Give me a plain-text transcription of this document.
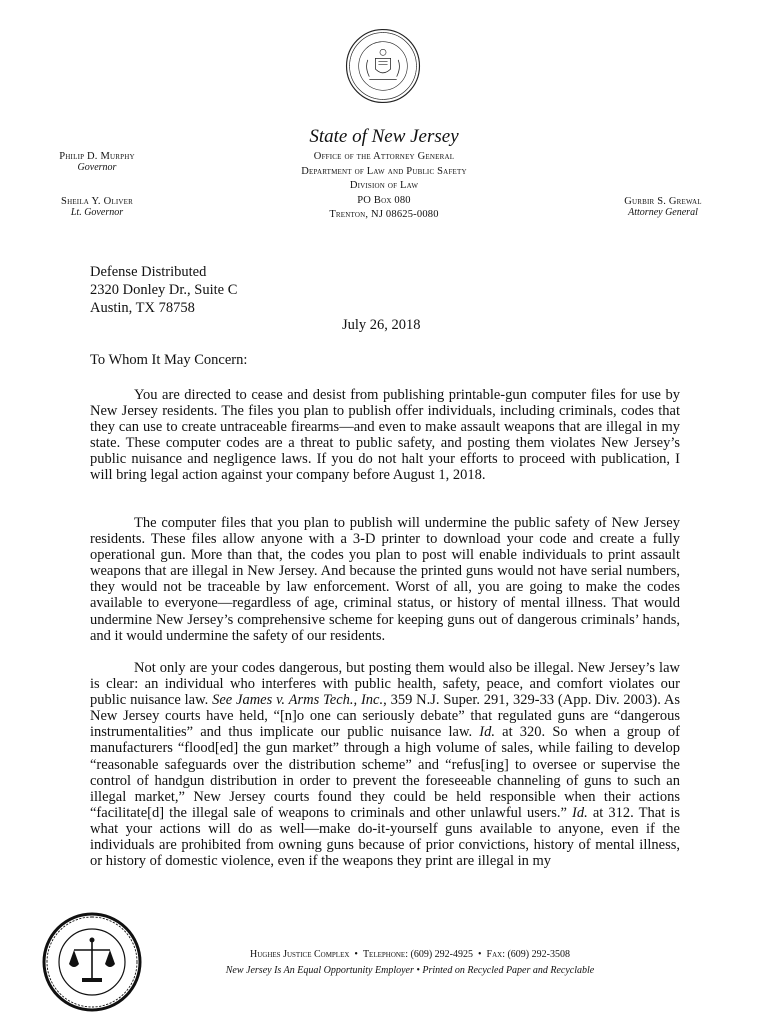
State of New Jersey
Office of the Attorney General
Department of Law and Public Safety
Division of Law
PO Box 080
Trenton, NJ 08625-0080
Philip D. Murphy
Governor
Sheila Y. Oliver
Lt. Governor
Gurbir S. Grewal
Attorney General
Defense Distributed
2320 Donley Dr., Suite C
Austin, TX 78758
July 26, 2018
To Whom It May Concern:

You are directed to cease and desist from publishing printable-gun computer files for use by New Jersey residents. The files you plan to publish offer individuals, including criminals, codes that they can use to create untraceable firearms—and even to make assault weapons that are illegal in my state. These computer codes are a threat to public safety, and posting them violates New Jersey’s public nuisance and negligence laws. If you do not halt your efforts to proceed with publication, I will bring legal action against your company before August 1, 2018.

The computer files that you plan to publish will undermine the public safety of New Jersey residents. These files allow anyone with a 3-D printer to download your code and create a fully operational gun. More than that, the codes you plan to post will enable individuals to print assault weapons that are illegal in New Jersey. And because the printed guns would not have serial numbers, they would not be traceable by law enforcement. Worst of all, you are going to make the codes available to everyone—regardless of age, criminal status, or history of mental illness. That would undermine New Jersey’s comprehensive scheme for keeping guns out of dangerous criminals’ hands, and it would undermine the safety of our residents.

Not only are your codes dangerous, but posting them would also be illegal. New Jersey’s law is clear: an individual who interferes with public health, safety, peace, and comfort violates our public nuisance law. See James v. Arms Tech., Inc., 359 N.J. Super. 291, 329-33 (App. Div. 2003). As New Jersey courts have held, “[n]o one can seriously debate” that regulated guns are “dangerous instrumentalities” and thus implicate our public nuisance law. Id. at 320. So when a group of manufacturers “flood[ed] the gun market” through a high volume of sales, while failing to develop “reasonable safeguards over the distribution scheme” and “refus[ing] to oversee or supervise the control of handgun distribution in order to prevent the foreseeable channeling of guns to such an illegal market,” New Jersey courts found they could be held responsible when their actions “facilitate[d] the illegal sale of weapons to criminals and other unlawful users.” Id. at 312. That is what your actions will do as well—make do-it-yourself guns available to anyone, even if the individuals are prohibited from owning guns because of prior convictions, history of mental illness, or history of domestic violence, even if the weapons they print are illegal in my

Hughes Justice Complex  •  Telephone: (609) 292-4925  •  Fax: (609) 292-3508
New Jersey Is An Equal Opportunity Employer • Printed on Recycled Paper and Recyclable
